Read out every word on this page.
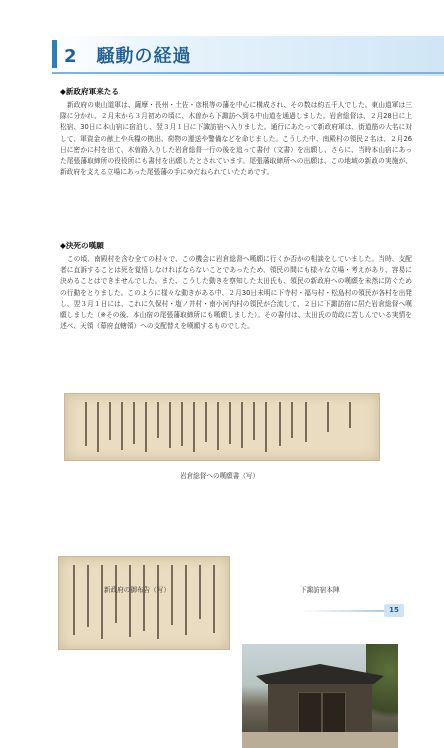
2　騒動の経過

◆新政府軍来たる

新政府の東山道軍は、薩摩・長州・土佐・彦根等の藩を中心に構成され、その数は約五千人でした。東山道軍は三隊に分かれ、２月末から３月初めの頃に、木曽から下諏訪へ到る中山道を通過しました。岩倉総督は、２月28日に上松宿、30日に本山宿に宿泊し、翌３月１日に下諏訪宿へ入りました。通行にあたって新政府軍は、街道筋の大名に対して、軍資金の献上や兵糧の拠出、荷物の運送や警備などを命じました。こうした中、南殿村の領民２名は、２月26日に密かに村を出て、木曽路入りした岩倉総督一行の後を追って書付（文書）を出願し、さらに、当時本山宿にあった尾張藩取締所の役役所にも書付を出願したとされています。尾張藩取締所への出願は、この地域の新政の実施が、新政府を支える立場にあった尾張藩の手にゆだねられていたためです。

◆決死の嘆願

この頃、南殿村を含む全ての村々で、この機会に岩倉総督へ嘆願に行くか否かの相談をしていました。当時、支配者に直訴することは死を覚悟しなければならないことであったため、領民の間にも様々な立場・考えがあり、容易に決めることはできませんでした。また、こうした動きを察知した太田氏も、領民の新政府への嘆願を未然に防ぐための行動をとりました。このように様々な動きがある中、２月30日未明に下寺村・福与村・松島村の領民が各村を出発し、翌３月１日には、これに久保村・塩ノ井村・南小河内村の領民が合流して、２日に下諏訪宿に居た岩倉総督へ嘆願しました（※その後、本山宿の尾張藩取締所にも嘆願しました）。その書付は、太田氏の苛政に苦しんでいる実情を述べ、天領（幕府直轄領）への支配替えを嘆願するものでした。

岩倉総督への嘆願書（写）
新政府の御布告（写）	下諏訪宿本陣
15
